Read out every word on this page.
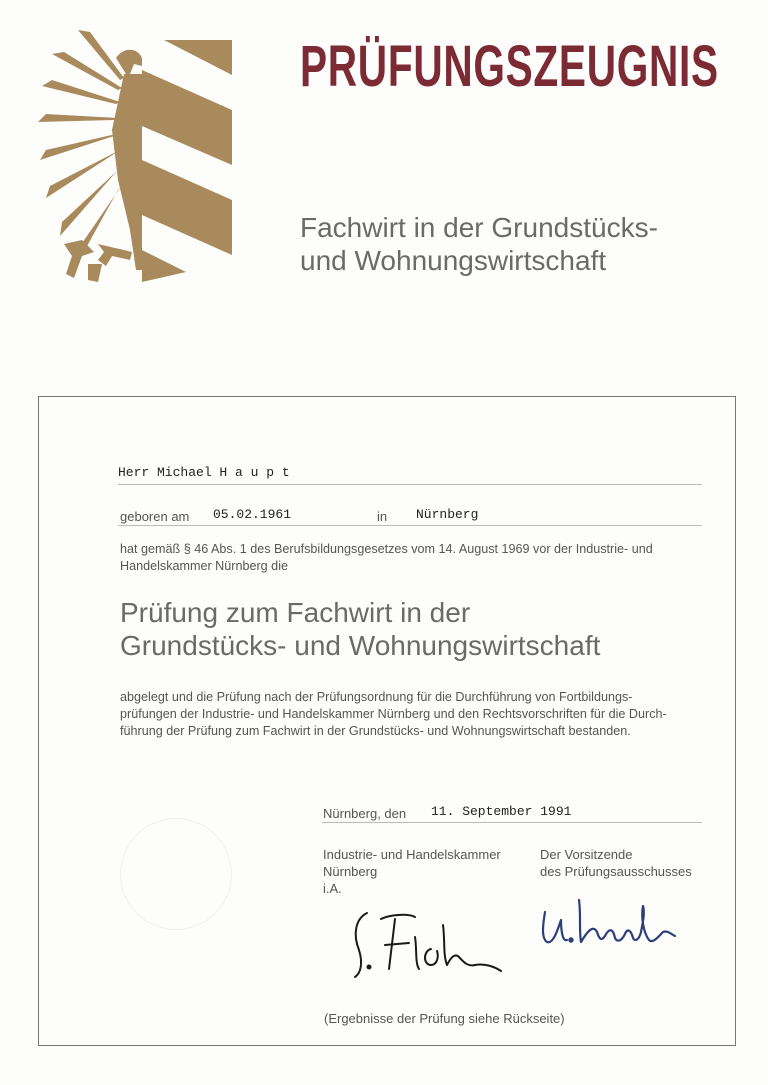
PRÜFUNGSZEUGNIS
Fachwirt in der Grundstücks-
und Wohnungswirtschaft
Herr Michael H a u p t
geboren am 05.02.1961	in Nürnberg
hat gemäß § 46 Abs. 1 des Berufsbildungsgesetzes vom 14. August 1969 vor der Industrie- und
Handelskammer Nürnberg die
Prüfung zum Fachwirt in der
Grundstücks- und Wohnungswirtschaft
abgelegt und die Prüfung nach der Prüfungsordnung für die Durchführung von Fortbildungs-
prüfungen der Industrie- und Handelskammer Nürnberg und den Rechtsvorschriften für die Durch-
führung der Prüfung zum Fachwirt in der Grundstücks- und Wohnungswirtschaft bestanden.
Nürnberg, den 11. September 1991
Industrie- und Handelskammer
Nürnberg
i.A.
Der Vorsitzende
des Prüfungsausschusses
(Ergebnisse der Prüfung siehe Rückseite)
